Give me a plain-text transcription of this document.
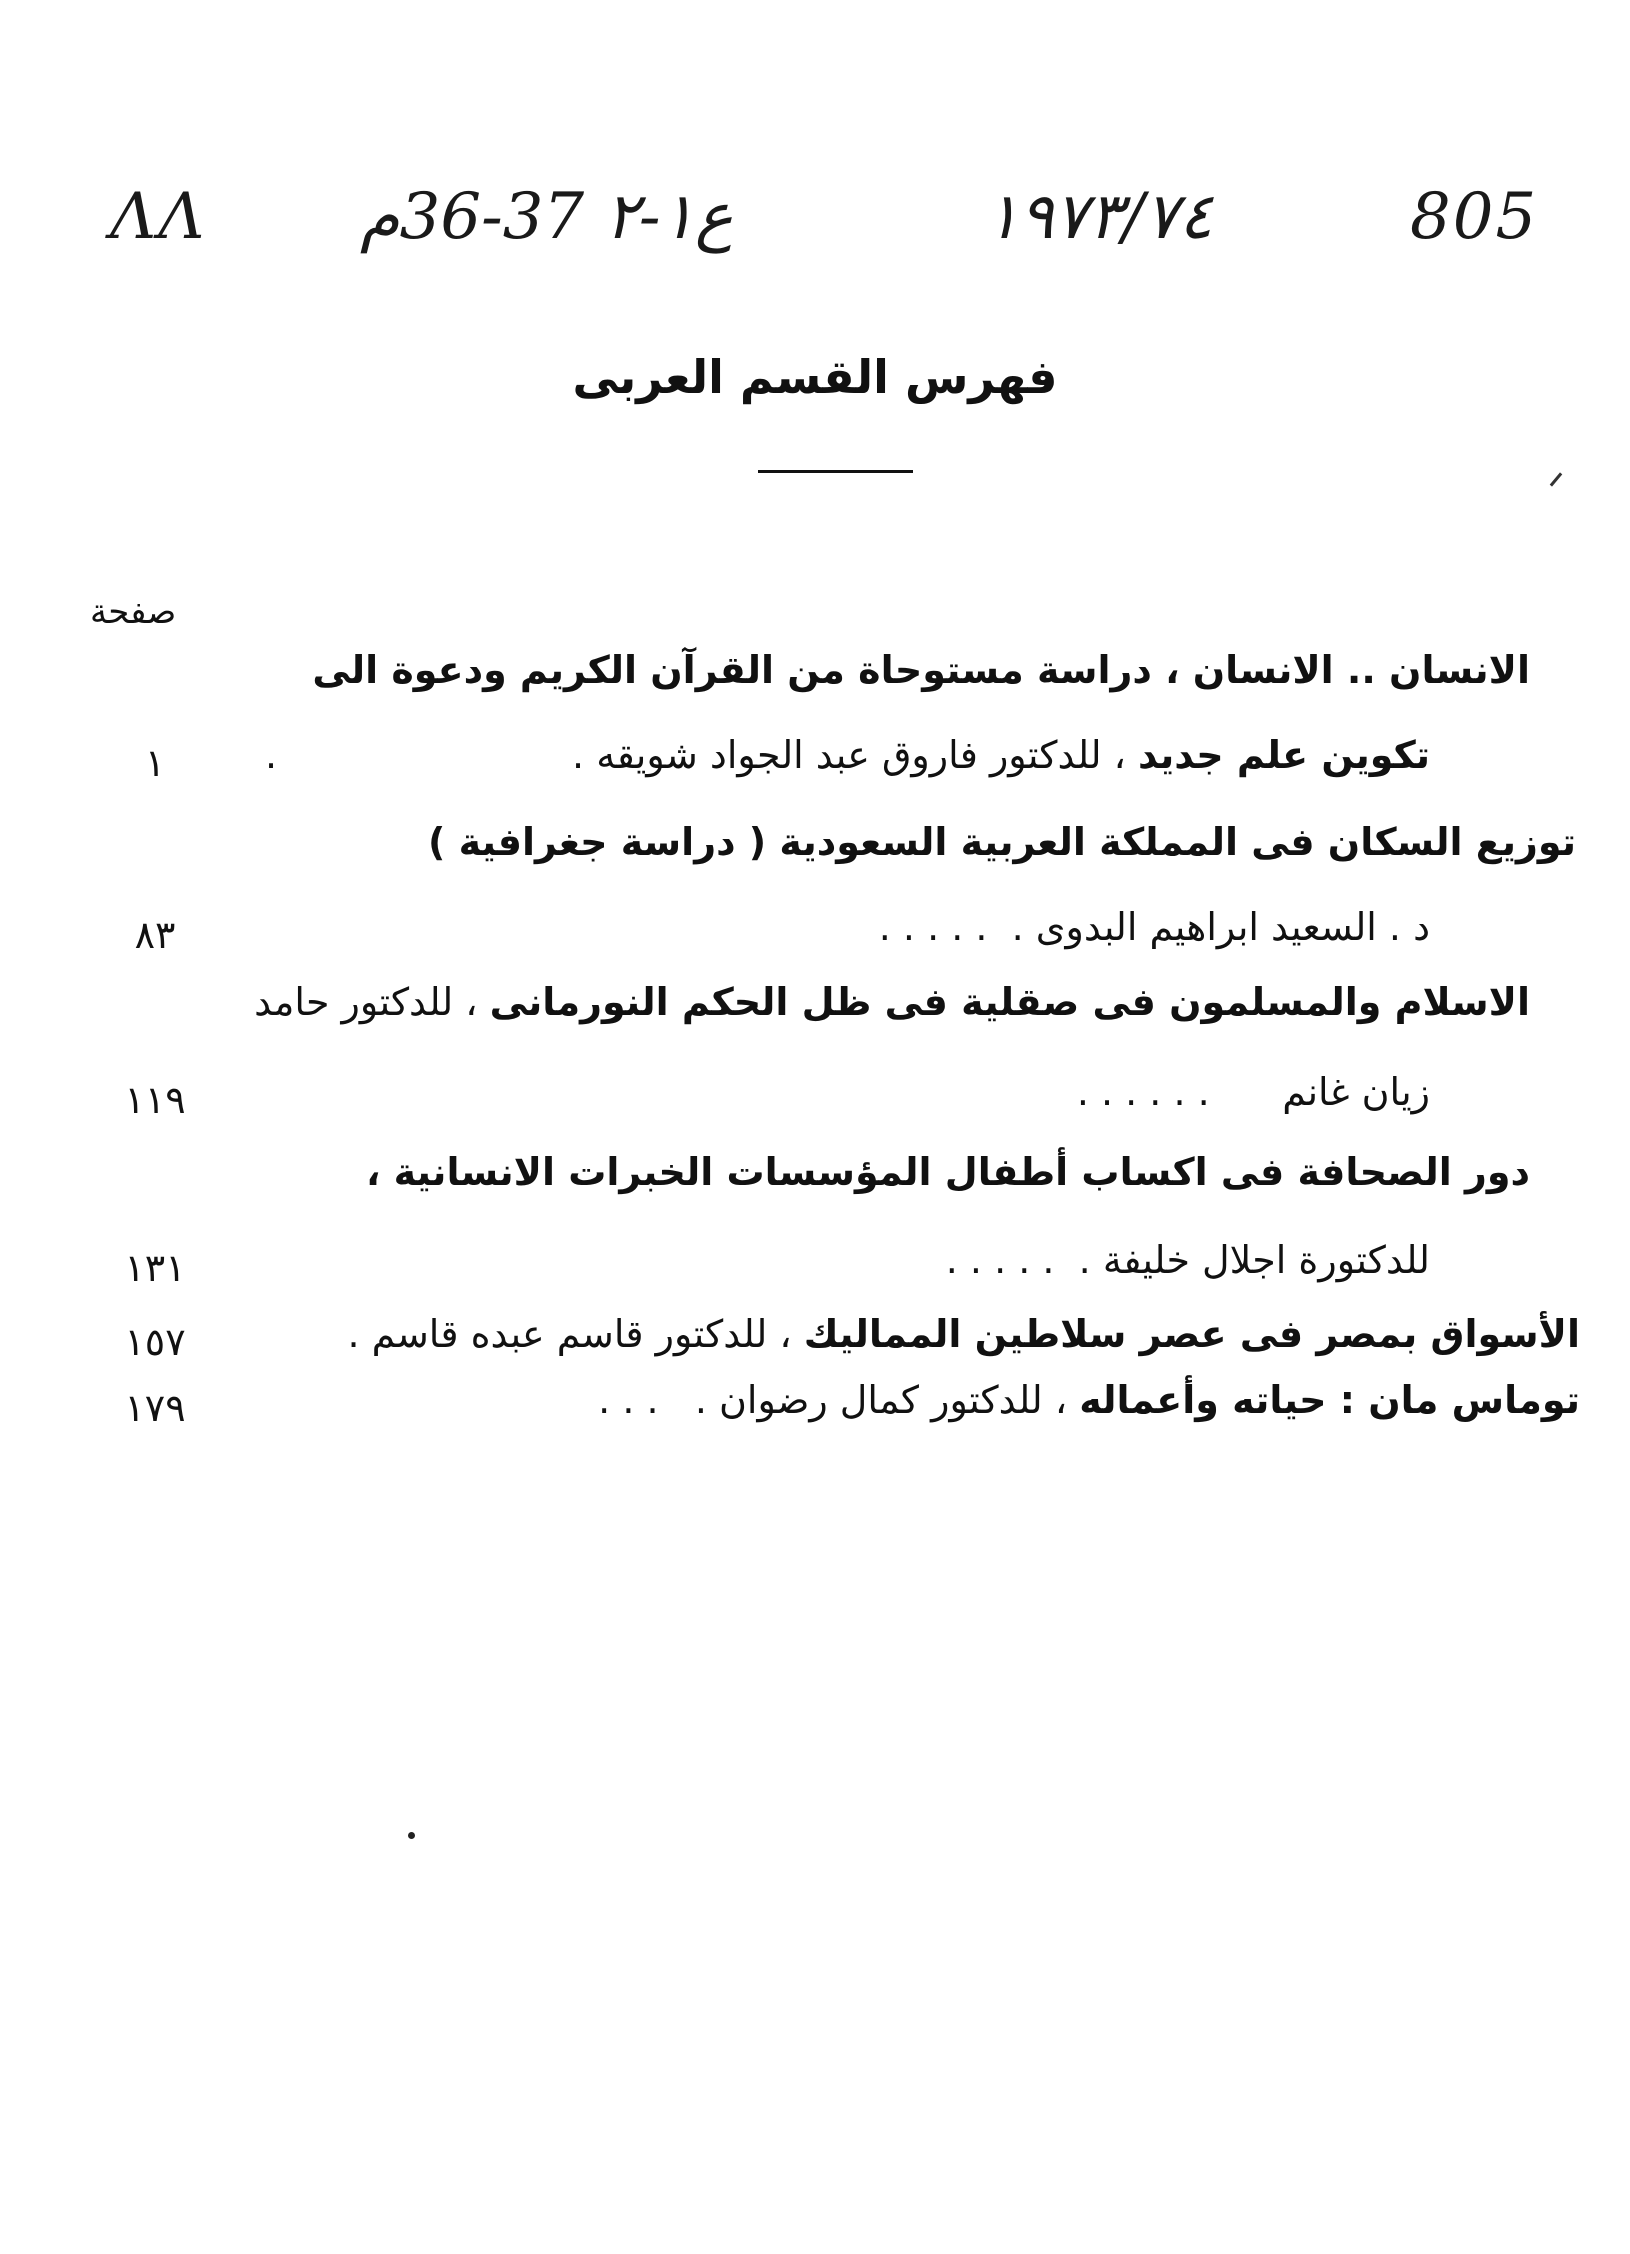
ΛΛ ع١-٢ 37-36م	١٩٧٣/٧٤	805
فهرس القسم العربى
صفحة
الانسان .. الانسان ، دراسة مستوحاة من القرآن الكريم ودعوة الى
تكوين علم جديد ، للدكتور فاروق عبد الجواد شويقه .
.
١
توزيع السكان فى المملكة العربية السعودية ( دراسة جغرافية )
د . السعيد ابراهيم البدوى .  . . . . .
٨٣
الاسلام والمسلمون فى صقلية فى ظل الحكم النورمانى ، للدكتور حامد
زيان غانم      . . . . . .
١١٩
دور الصحافة فى اكساب أطفال المؤسسات الخبرات الانسانية ،
للدكتورة اجلال خليفة .  . . . . .
١٣١
الأسواق بمصر فى عصر سلاطين المماليك ، للدكتور قاسم عبده قاسم .
١٥٧
توماس مان : حياته وأعماله ، للدكتور كمال رضوان .   . . .
١٧٩
